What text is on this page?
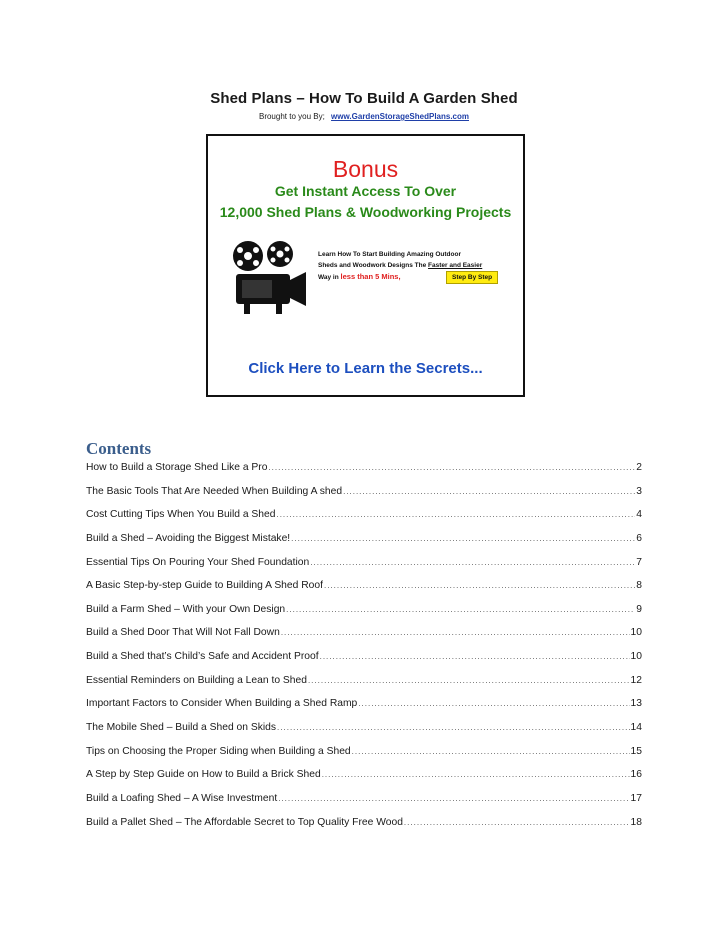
Shed Plans – How To Build A Garden Shed
Brought to you By; www.GardenStorageShedPlans.com
Bonus
Get Instant Access To Over
12,000 Shed Plans & Woodworking Projects
Learn How To Start Building Amazing Outdoor
Sheds and Woodwork Designs The Faster and Easier
Way in less than 5 Mins,	Step By Step
Click Here to Learn the Secrets...
Contents
How to Build a Storage Shed Like a Pro .....	2
The Basic Tools That Are Needed When Building A shed .....	3
Cost Cutting Tips When You Build a Shed .....	4
Build a Shed – Avoiding the Biggest Mistake! .....	6
Essential Tips On Pouring Your Shed Foundation .....	7
A Basic Step-by-step Guide to Building A Shed Roof .....	8
Build a Farm Shed – With your Own Design .....	9
Build a Shed Door That Will Not Fall Down .....	10
Build a Shed that’s Child’s Safe and Accident Proof .....	10
Essential Reminders on Building a Lean to Shed .....	12
Important Factors to Consider When Building a Shed Ramp .....	13
The Mobile Shed – Build a Shed on Skids .....	14
Tips on Choosing the Proper Siding when Building a Shed .....	15
A Step by Step Guide on How to Build a Brick Shed .....	16
Build a Loafing Shed – A Wise Investment .....	17
Build a Pallet Shed – The Affordable Secret to Top Quality Free Wood .....	18
